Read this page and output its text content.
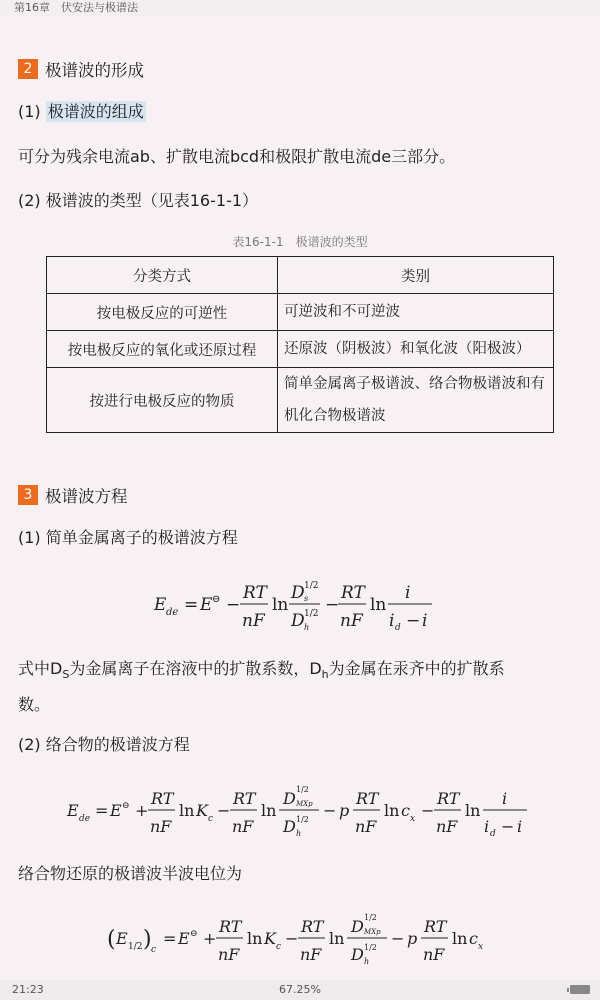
第16章　伏安法与极谱法
2 极谱波的形成
(1) 极谱波的组成
可分为残余电流ab、扩散电流bcd和极限扩散电流de三部分。
(2) 极谱波的类型（见表16-1-1）
表16-1-1　极谱波的类型
分类方式	类别
按电极反应的可逆性	可逆波和不可逆波
按电极反应的氧化或还原过程	还原波（阴极波）和氧化波（阳极波）
按进行电极反应的物质	简单金属离子极谱波、络合物极谱波和有机化合物极谱波
3 极谱波方程
(1) 简单金属离子的极谱波方程
E de = E ⊖ −
RT
nF
ln
D 1/2
s
D 1/2
h
−
RT
nF
ln
i
i d − i
式中$D_S$为金属离子在溶液中的扩散系数，$D_h$为金属在汞齐中的扩散系
数。
(2) 络合物的极谱波方程
E de = E ⊖ +
RT
nF
ln K c −
RT
nF
ln
D 1/2
MXp
D 1/2
h
− p
RT
nF
ln c x −
RT
nF
ln
i
i d − i
络合物还原的极谱波半波电位为
( E 1/2 ) c
= E ⊖ +
RT
nF
ln K c −
RT
nF
ln
D 1/2
MXp
D 1/2
h
− p
RT
nF
ln c x
21:23	67.25%
